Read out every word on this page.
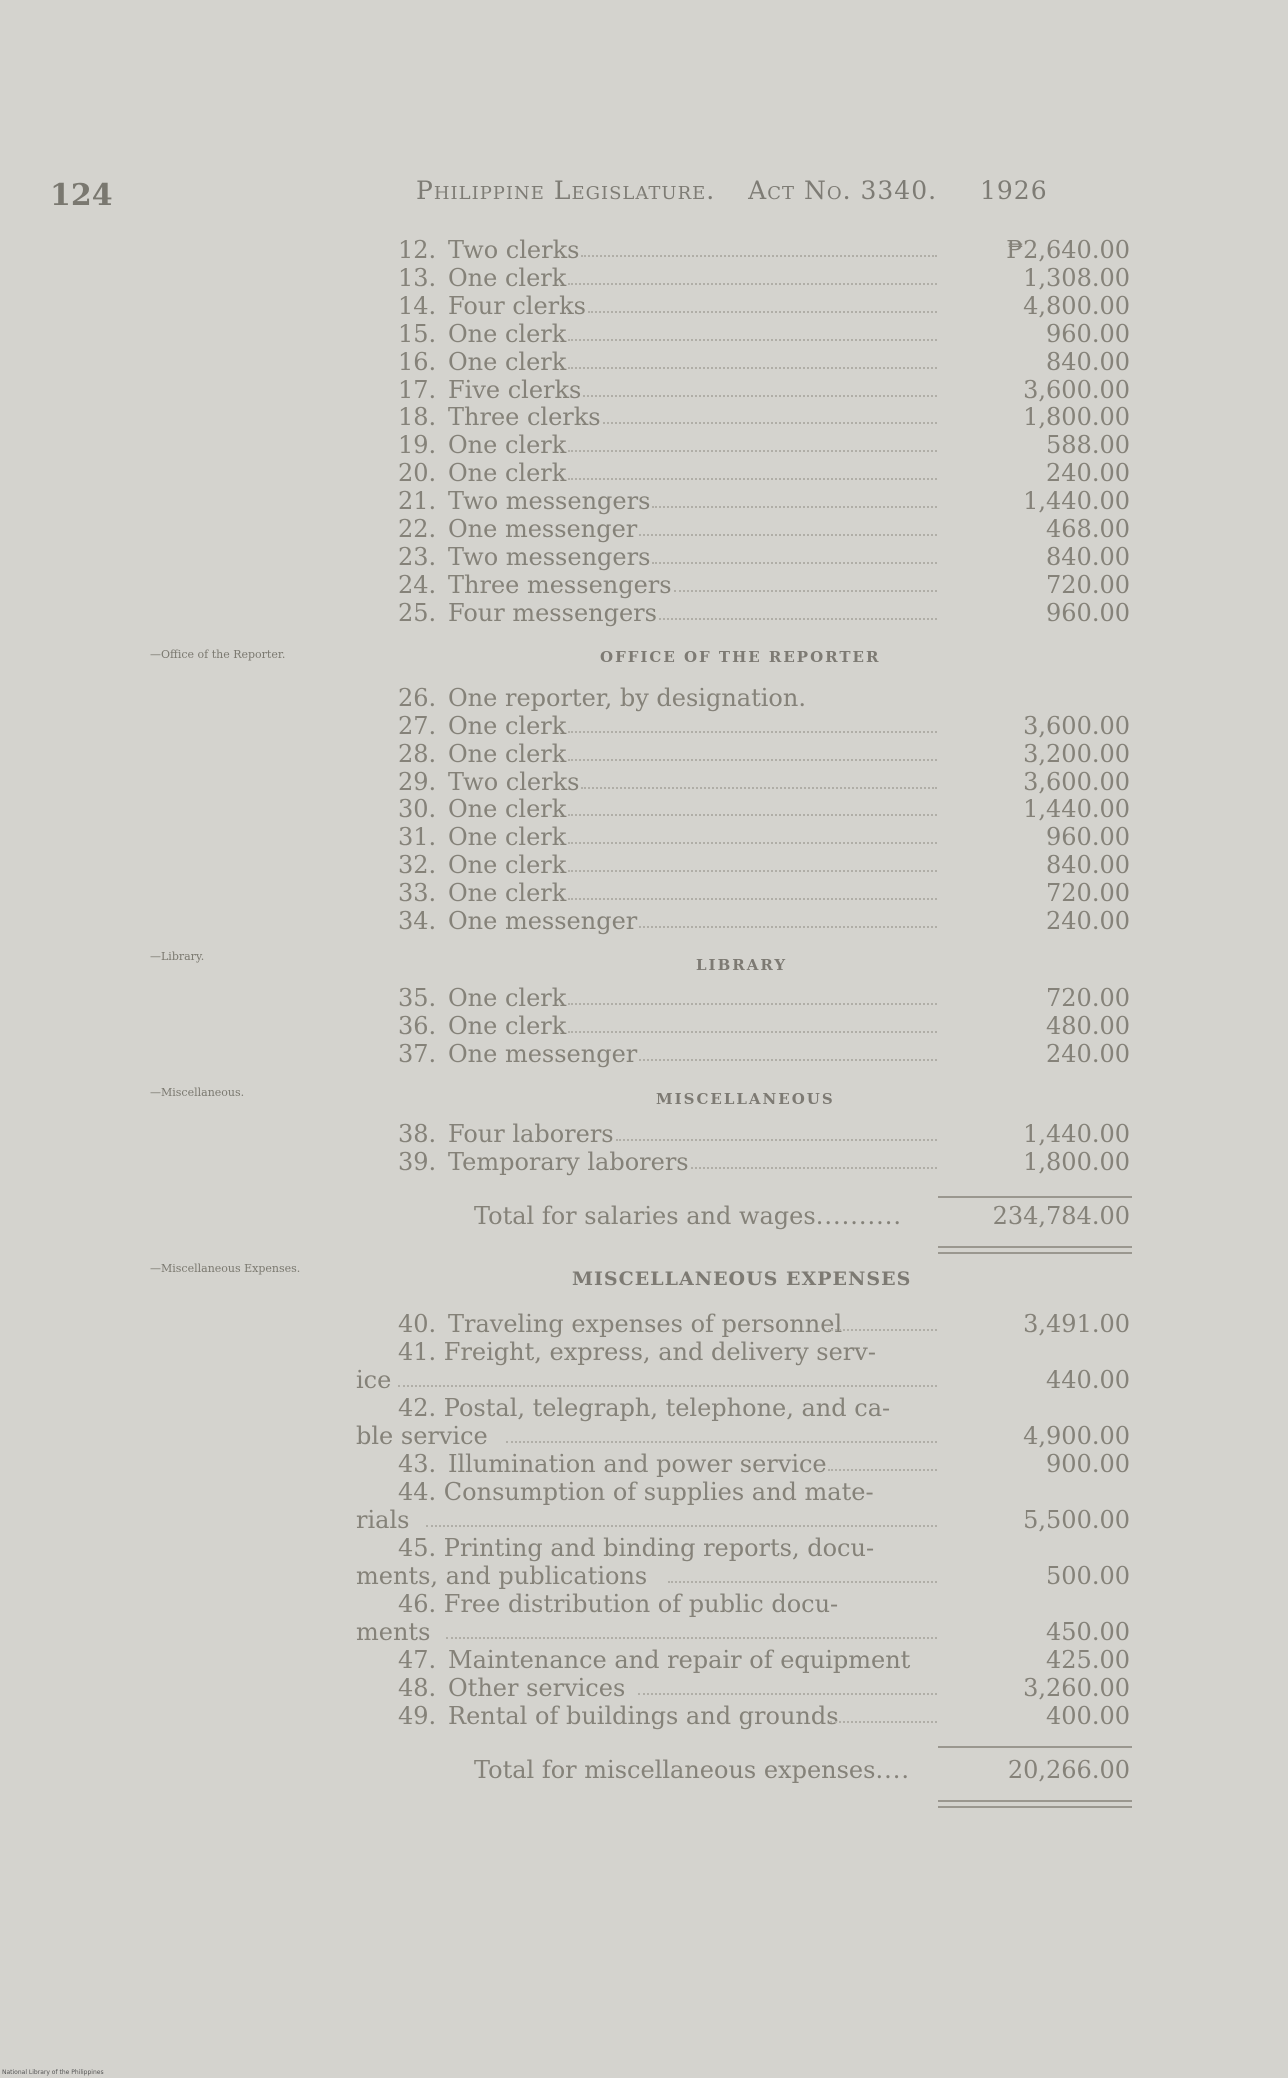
124	Philippine Legislature. Act No. 3340. 1926
12. Two clerks	₱2,640.00
13. One clerk	1,308.00
14. Four clerks	4,800.00
15. One clerk	960.00
16. One clerk	840.00
17. Five clerks	3,600.00
18. Three clerks	1,800.00
19. One clerk	588.00
20. One clerk	240.00
21. Two messengers	1,440.00
22. One messenger	468.00
23. Two messengers	840.00
24. Three messengers	720.00
25. Four messengers	960.00
—Office of the Reporter.	OFFICE OF THE REPORTER
26. One reporter, by designation.
27. One clerk	3,600.00
28. One clerk	3,200.00
29. Two clerks	3,600.00
30. One clerk	1,440.00
31. One clerk	960.00
32. One clerk	840.00
33. One clerk	720.00
34. One messenger	240.00
—Library.	LIBRARY
35. One clerk	720.00
36. One clerk	480.00
37. One messenger	240.00
—Miscellaneous.	MISCELLANEOUS
38. Four laborers	1,440.00
39. Temporary laborers	1,800.00
Total for salaries and wages..........	234,784.00
—Miscellaneous Expenses.	MISCELLANEOUS EXPENSES
40. Traveling expenses of personnel	3,491.00
41. Freight, express, and delivery serv-
ice	440.00
42. Postal, telegraph, telephone, and ca-
ble service	4,900.00
43. Illumination and power service	900.00
44. Consumption of supplies and mate-
rials	5,500.00
45. Printing and binding reports, docu-
ments, and publications	500.00
46. Free distribution of public docu-
ments	450.00
47. Maintenance and repair of equipment	425.00
48. Other services	3,260.00
49. Rental of buildings and grounds	400.00
Total for miscellaneous expenses....	20,266.00
National Library of the Philippines
